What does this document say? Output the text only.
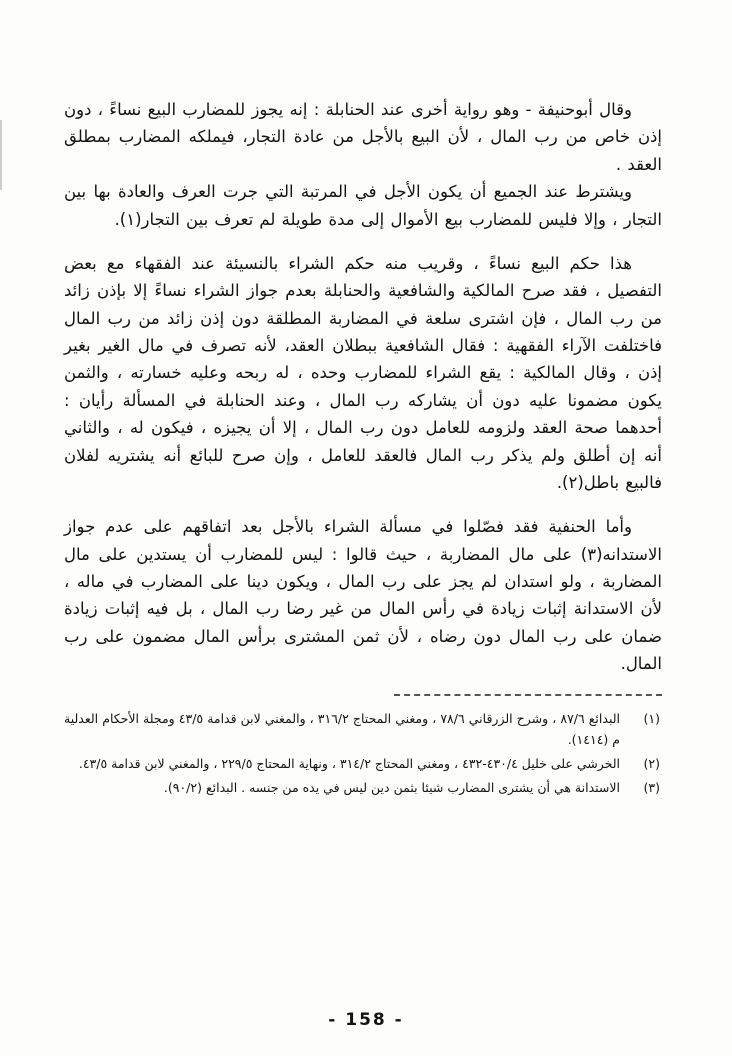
وقال أبوحنيفة - وهو رواية أخرى عند الحنابلة : إنه يجوز للمضارب البيع نساءً ، دون إذن خاص من رب المال ، لأن البيع بالأجل من عادة التجار، فيملكه المضارب بمطلق العقد .

ويشترط عند الجميع أن يكون الأجل في المرتبة التي جرت العرف والعادة بها بين التجار ، وإلا فليس للمضارب بيع الأموال إلى مدة طويلة لم تعرف بين التجار(١).

هذا حكم البيع نساءً ، وقريب منه حكم الشراء بالنسيئة عند الفقهاء مع بعض التفصيل ، فقد صرح المالكية والشافعية والحنابلة بعدم جواز الشراء نساءً إلا بإذن زائد من رب المال ، فإن اشترى سلعة في المضاربة المطلقة دون إذن زائد من رب المال فاختلفت الآراء الفقهية : فقال الشافعية ببطلان العقد، لأنه تصرف في مال الغير بغير إذن ، وقال المالكية : يقع الشراء للمضارب وحده ، له ربحه وعليه خسارته ، والثمن يكون مضمونا عليه دون أن يشاركه رب المال ، وعند الحنابلة في المسألة رأيان : أحدهما صحة العقد ولزومه للعامل دون رب المال ، إلا أن يجيزه ، فيكون له ، والثاني أنه إن أطلق ولم يذكر رب المال فالعقد للعامل ، وإن صرح للبائع أنه يشتريه لفلان فالبيع باطل(٢).

وأما الحنفية فقد فصّلوا في مسألة الشراء بالأجل بعد اتفاقهم على عدم جواز الاستدانه(٣) على مال المضاربة ، حيث قالوا : ليس للمضارب أن يستدين على مال المضاربة ، ولو استدان لم يجز على رب المال ، ويكون دينا على المضارب في ماله ، لأن الاستدانة إثبات زيادة في رأس المال من غير رضا رب المال ، بل فيه إثبات زيادة ضمان على رب المال دون رضاه ، لأن ثمن المشترى برأس المال مضمون على رب المال.

(١)
البدائع ٨٧/٦ ، وشرح الزرقاني ٧٨/٦ ، ومغني المحتاج ٣١٦/٢ ، والمغني لابن قدامة ٤٣/٥ ومجلة الأحكام العدلية م (١٤١٤).
(٢)
الخرشي على خليل ٤٣٠/٤-٤٣٢ ، ومغني المحتاج ٣١٤/٢ ، ونهاية المحتاج ٢٢٩/٥ ، والمغني لابن قدامة ٤٣/٥.
(٣)
الاستدانة هي أن يشترى المضارب شيئا بثمن دين ليس في يده من جنسه . البدائع (٩٠/٢).
- 158 -
